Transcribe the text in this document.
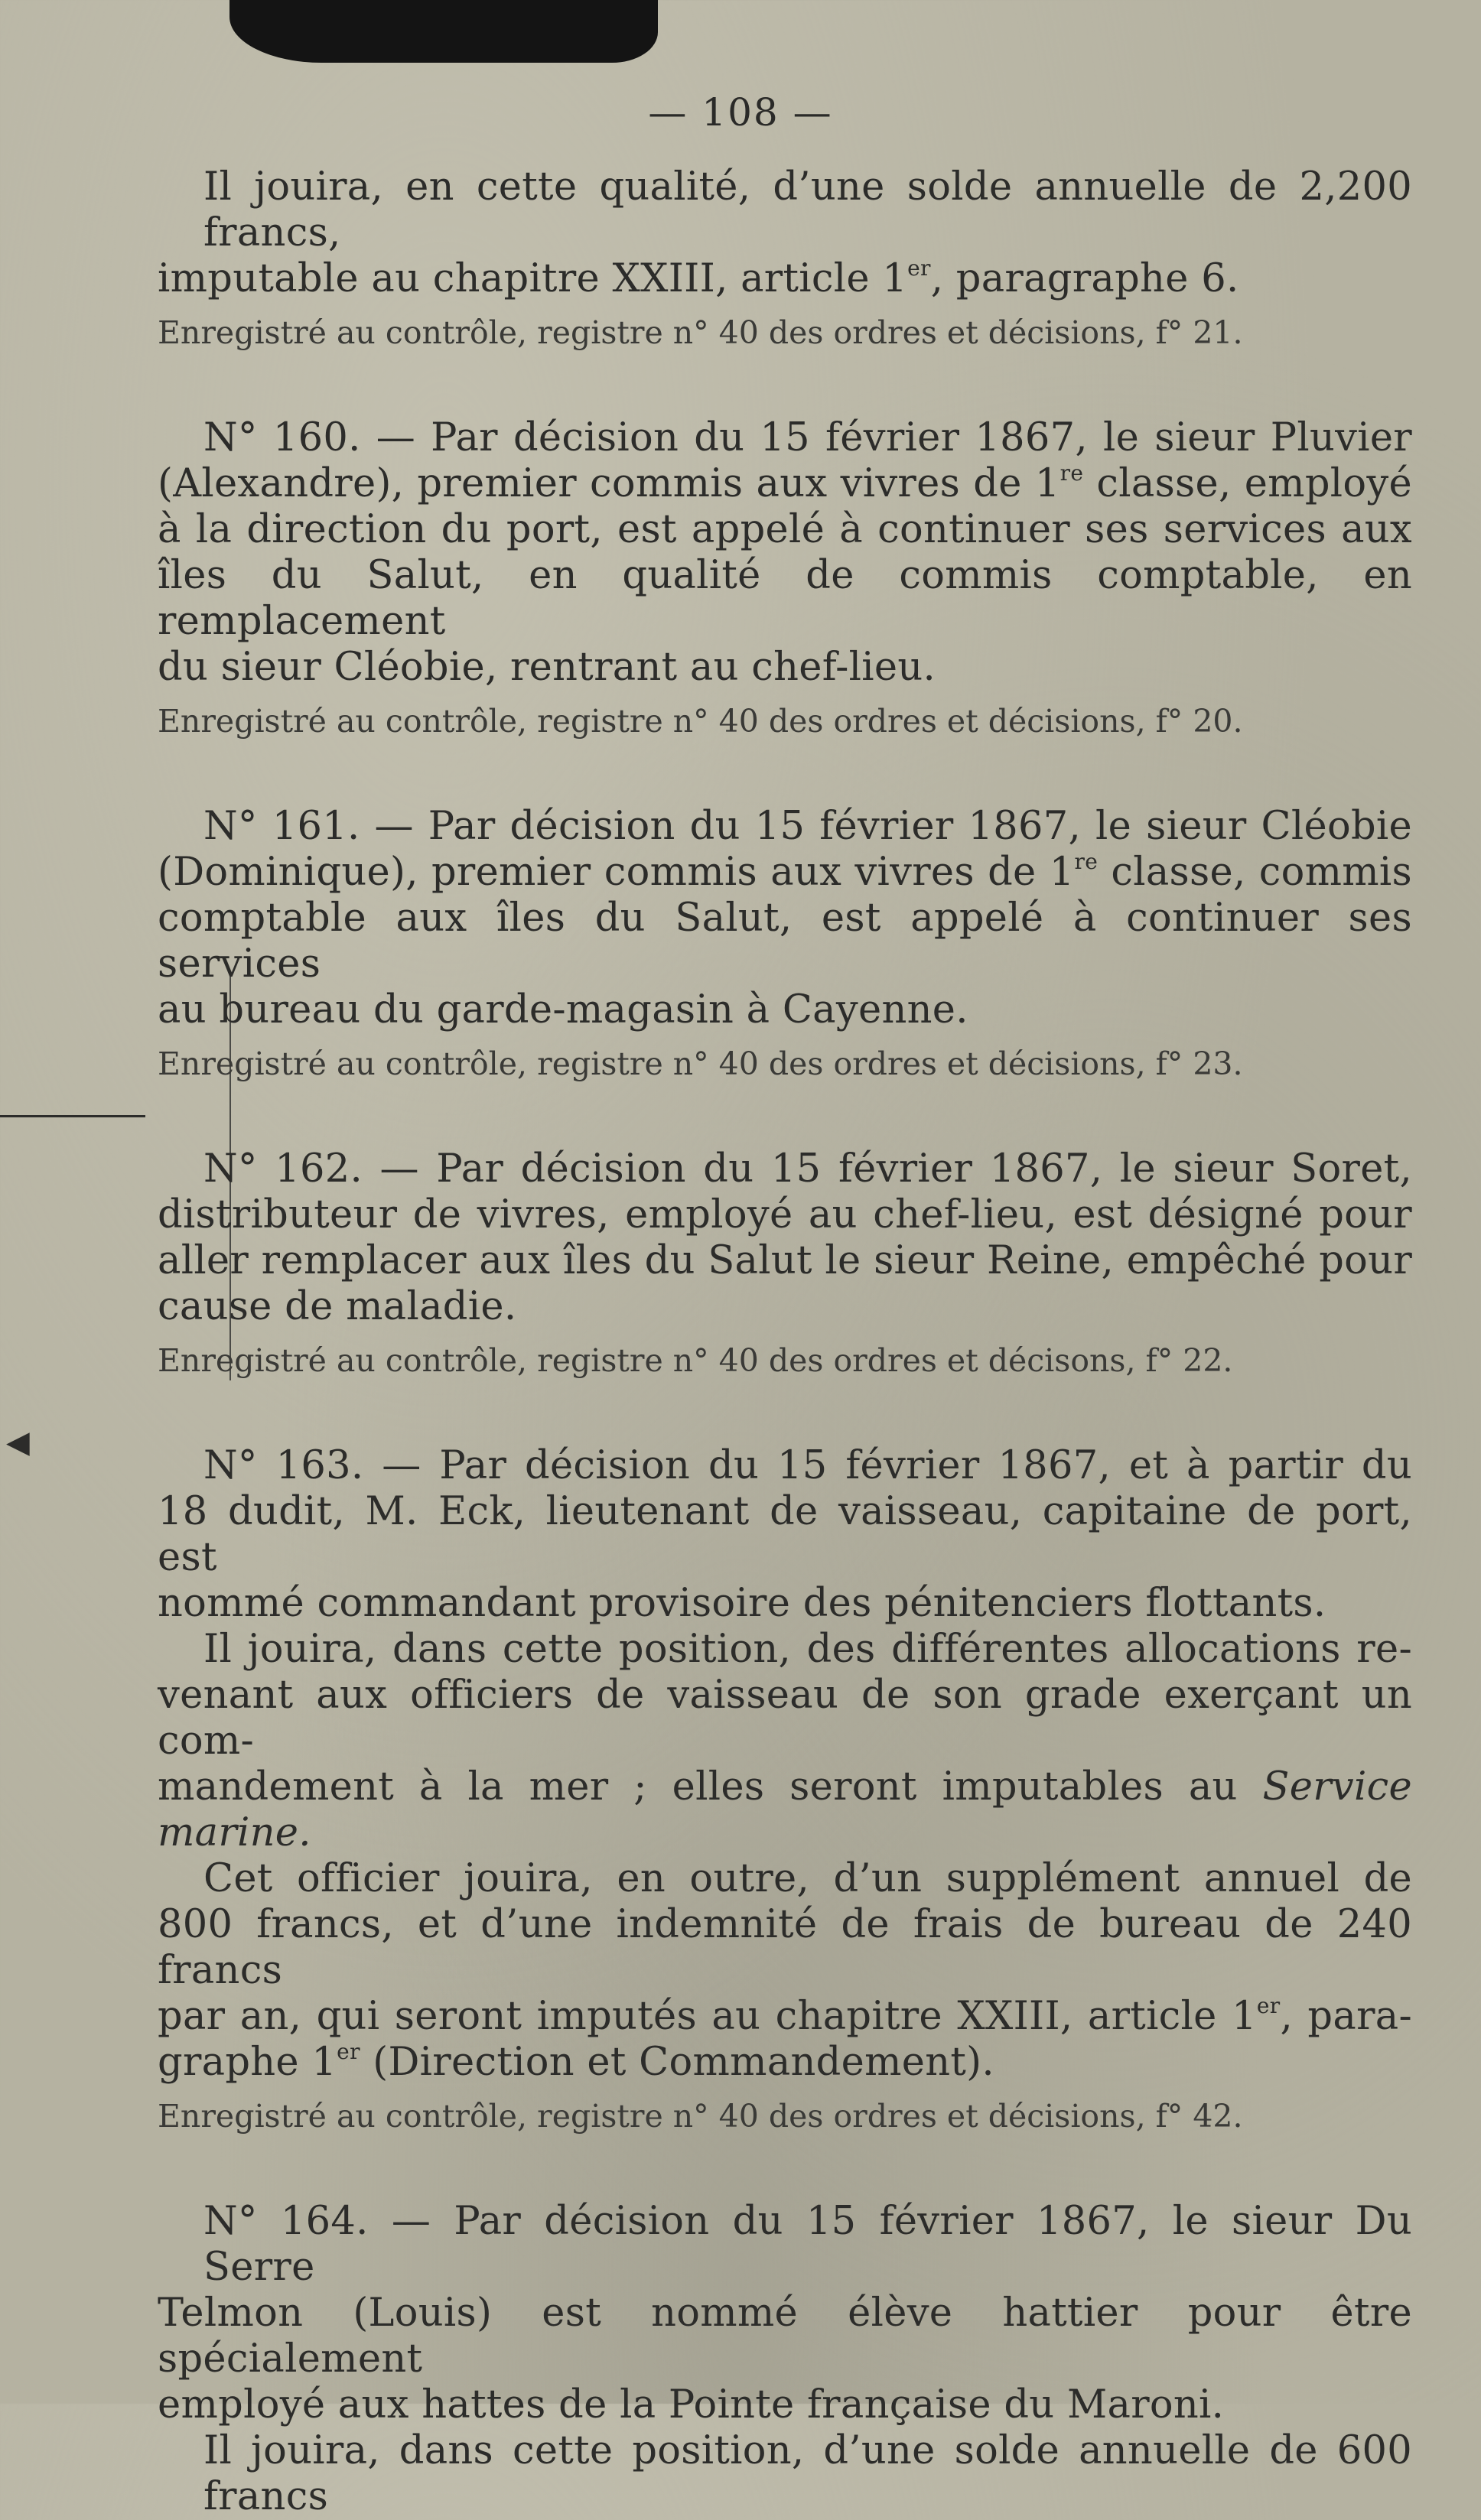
◀
— 108 —
Il jouira, en cette qualité, d’une solde annuelle de 2,200 francs,
imputable au chapitre XXIII, article 1er, paragraphe 6.
Enregistré au contrôle, registre n° 40 des ordres et décisions, f° 21.
N° 160. — Par décision du 15 février 1867, le sieur Pluvier
(Alexandre), premier commis aux vivres de 1re classe, employé
à la direction du port, est appelé à continuer ses services aux
îles du Salut, en qualité de commis comptable, en remplacement
du sieur Cléobie, rentrant au chef-lieu.
Enregistré au contrôle, registre n° 40 des ordres et décisions, f° 20.
N° 161. — Par décision du 15 février 1867, le sieur Cléobie
(Dominique), premier commis aux vivres de 1re classe, commis
comptable aux îles du Salut, est appelé à continuer ses services
au bureau du garde-magasin à Cayenne.
Enregistré au contrôle, registre n° 40 des ordres et décisions, f° 23.
N° 162. — Par décision du 15 février 1867, le sieur Soret,
distributeur de vivres, employé au chef-lieu, est désigné pour
aller remplacer aux îles du Salut le sieur Reine, empêché pour
cause de maladie.
Enregistré au contrôle, registre n° 40 des ordres et décisons, f° 22.
N° 163. — Par décision du 15 février 1867, et à partir du
18 dudit, M. Eck, lieutenant de vaisseau, capitaine de port, est
nommé commandant provisoire des pénitenciers flottants.
Il jouira, dans cette position, des différentes allocations re-
venant aux officiers de vaisseau de son grade exerçant un com-
mandement à la mer ; elles seront imputables au Service marine.
Cet officier jouira, en outre, d’un supplément annuel de
800 francs, et d’une indemnité de frais de bureau de 240 francs
par an, qui seront imputés au chapitre XXIII, article 1er, para-
graphe 1er (Direction et Commandement).
Enregistré au contrôle, registre n° 40 des ordres et décisions, f° 42.
N° 164. — Par décision du 15 février 1867, le sieur Du Serre
Telmon (Louis) est nommé élève hattier pour être spécialement
employé aux hattes de la Pointe française du Maroni.
Il jouira, dans cette position, d’une solde annuelle de 600 francs
